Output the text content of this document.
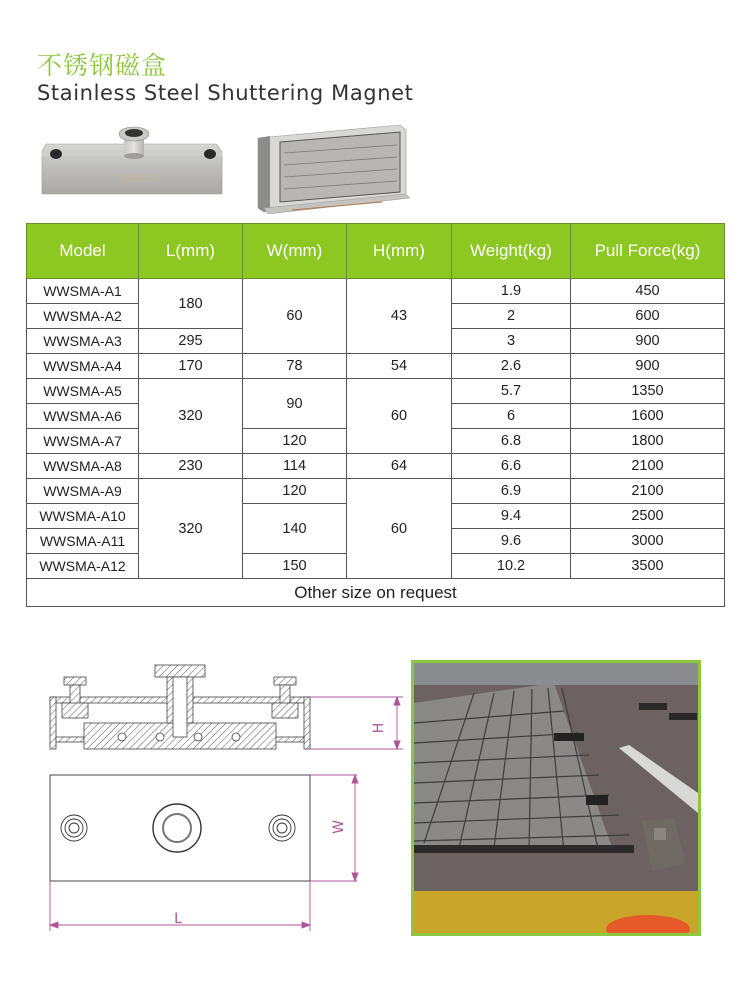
不锈钢磁盒
Stainless Steel Shuttering Magnet
3000KG
Model	L(mm)	W(mm)	H(mm)	Weight(kg)	Pull Force(kg)
WWSMA-A1	180	60	43	1.9	450
WWSMA-A2				2	600
WWSMA-A3	295			3	900
WWSMA-A4	170	78	54	2.6	900
WWSMA-A5	320	90	60	5.7	1350
WWSMA-A6				6	1600
WWSMA-A7		120		6.8	1800
WWSMA-A8	230	114	64	6.6	2100
WWSMA-A9	320	120	60	6.9	2100
WWSMA-A10		140		9.4	2500
WWSMA-A11				9.6	3000
WWSMA-A12		150		10.2	3500
Other size on request					
H
W
L
